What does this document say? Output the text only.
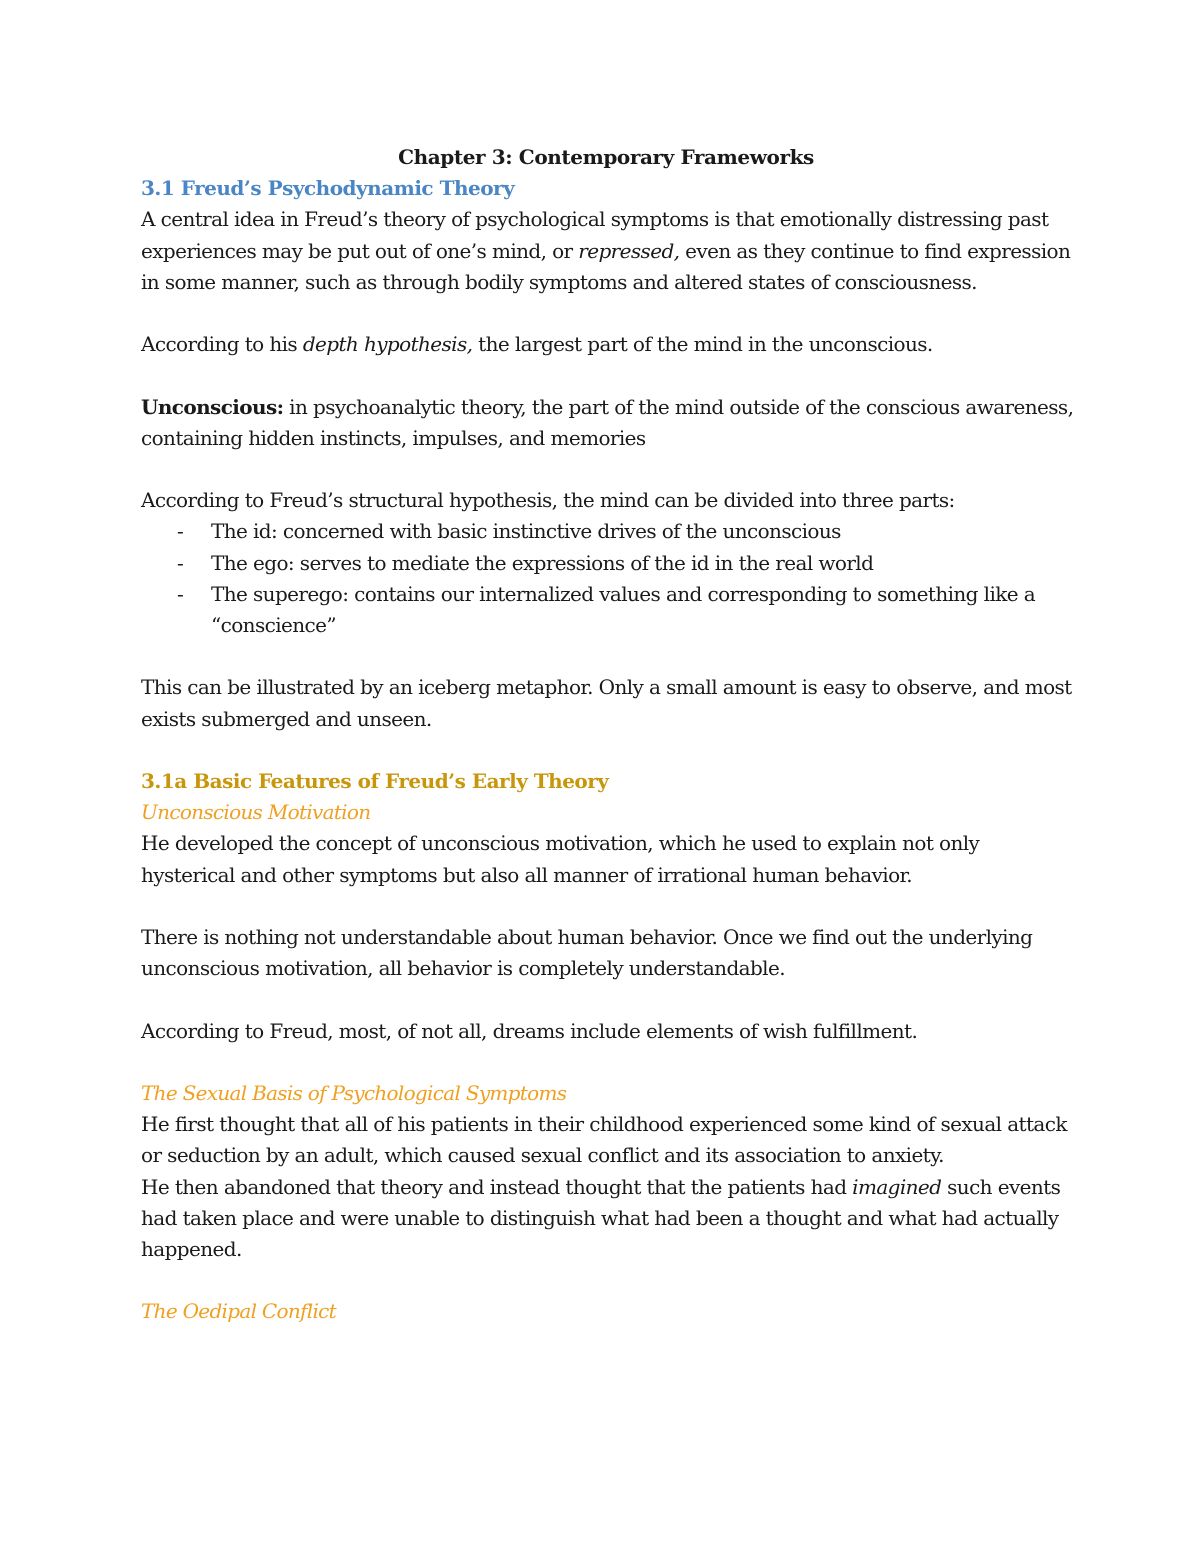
Chapter 3: Contemporary Frameworks
3.1 Freud’s Psychodynamic Theory
A central idea in Freud’s theory of psychological symptoms is that emotionally distressing past
experiences may be put out of one’s mind, or repressed, even as they continue to find expression
in some manner, such as through bodily symptoms and altered states of consciousness.
According to his depth hypothesis, the largest part of the mind in the unconscious.
Unconscious: in psychoanalytic theory, the part of the mind outside of the conscious awareness,
containing hidden instincts, impulses, and memories
According to Freud’s structural hypothesis, the mind can be divided into three parts:
- The id: concerned with basic instinctive drives of the unconscious
- The ego: serves to mediate the expressions of the id in the real world
- The superego: contains our internalized values and corresponding to something like a
“conscience”
This can be illustrated by an iceberg metaphor. Only a small amount is easy to observe, and most
exists submerged and unseen.
3.1a Basic Features of Freud’s Early Theory
Unconscious Motivation
He developed the concept of unconscious motivation, which he used to explain not only
hysterical and other symptoms but also all manner of irrational human behavior.
There is nothing not understandable about human behavior. Once we find out the underlying
unconscious motivation, all behavior is completely understandable.
According to Freud, most, of not all, dreams include elements of wish fulfillment.
The Sexual Basis of Psychological Symptoms
He first thought that all of his patients in their childhood experienced some kind of sexual attack
or seduction by an adult, which caused sexual conflict and its association to anxiety.
He then abandoned that theory and instead thought that the patients had imagined such events
had taken place and were unable to distinguish what had been a thought and what had actually
happened.
The Oedipal Conflict
